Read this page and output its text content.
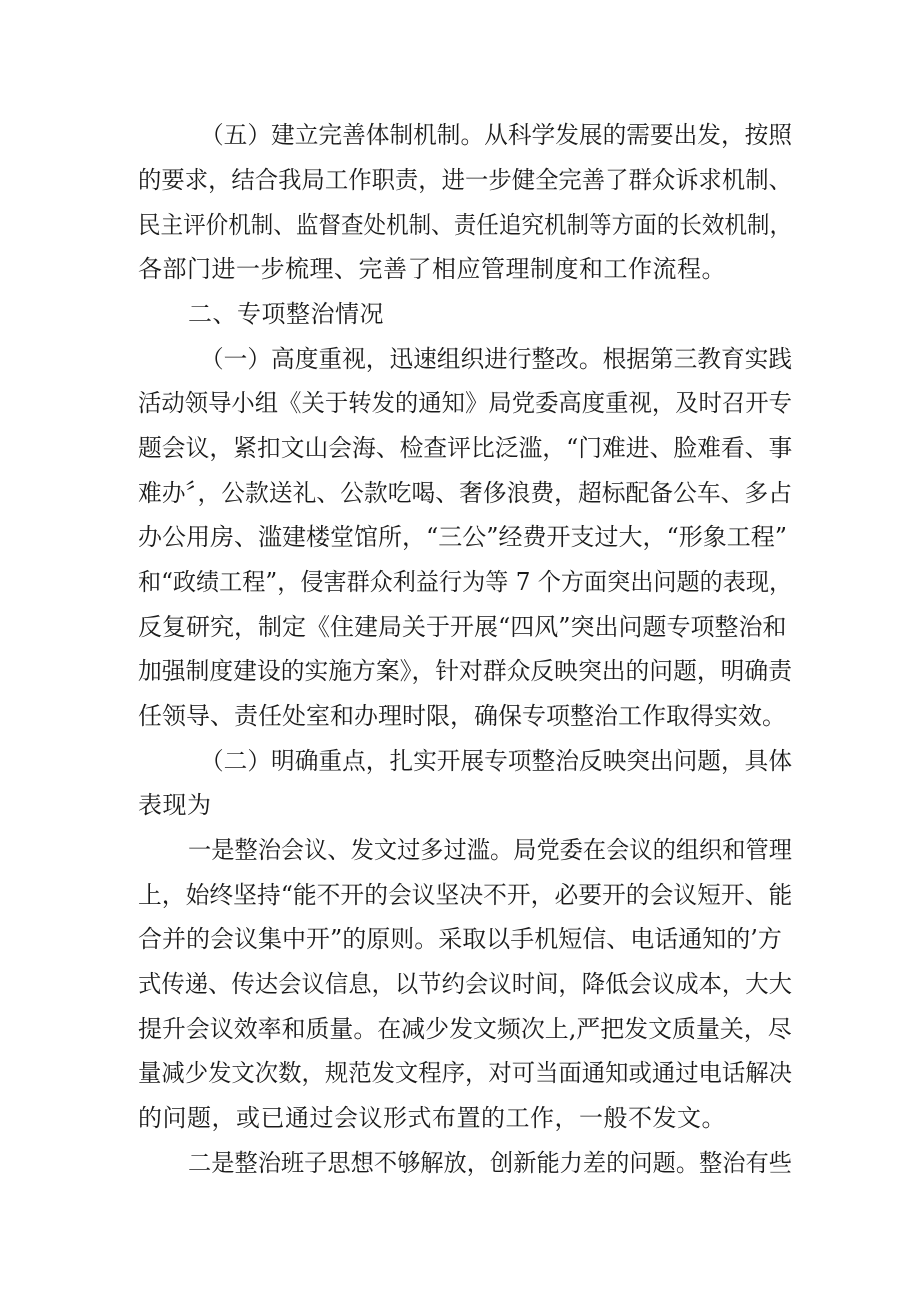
（五）建立完善体制机制。从科学发展的需要出发，按照

的要求，结合我局工作职责，进一步健全完善了群众诉求机制、

民主评价机制、监督查处机制、责任追究机制等方面的长效机制，

各部门进一步梳理、完善了相应管理制度和工作流程。

二、专项整治情况

（一）高度重视，迅速组织进行整改。根据第三教育实践

活动领导小组《关于转发的通知》局党委高度重视，及时召开专

题会议，紧扣文山会海、检查评比泛滥，“门难进、脸难看、事

难办〞，公款送礼、公款吃喝、奢侈浪费，超标配备公车、多占

办公用房、滥建楼堂馆所，“三公”经费开支过大，“形象工程”

和“政绩工程”，侵害群众利益行为等 7 个方面突出问题的表现，

反复研究，制定《住建局关于开展“四风”突出问题专项整治和

加强制度建设的实施方案》，针对群众反映突出的问题，明确责

任领导、责任处室和办理时限，确保专项整治工作取得实效。

（二）明确重点，扎实开展专项整治反映突出问题，具体

表现为

一是整治会议、发文过多过滥。局党委在会议的组织和管理

上，始终坚持“能不开的会议坚决不开，必要开的会议短开、能

合并的会议集中开”的原则。采取以手机短信、电话通知的’方

式传递、传达会议信息，以节约会议时间，降低会议成本，大大

提升会议效率和质量。在减少发文频次上,严把发文质量关，尽

量减少发文次数，规范发文程序，对可当面通知或通过电话解决

的问题，或已通过会议形式布置的工作，一般不发文。

二是整治班子思想不够解放，创新能力差的问题。整治有些
